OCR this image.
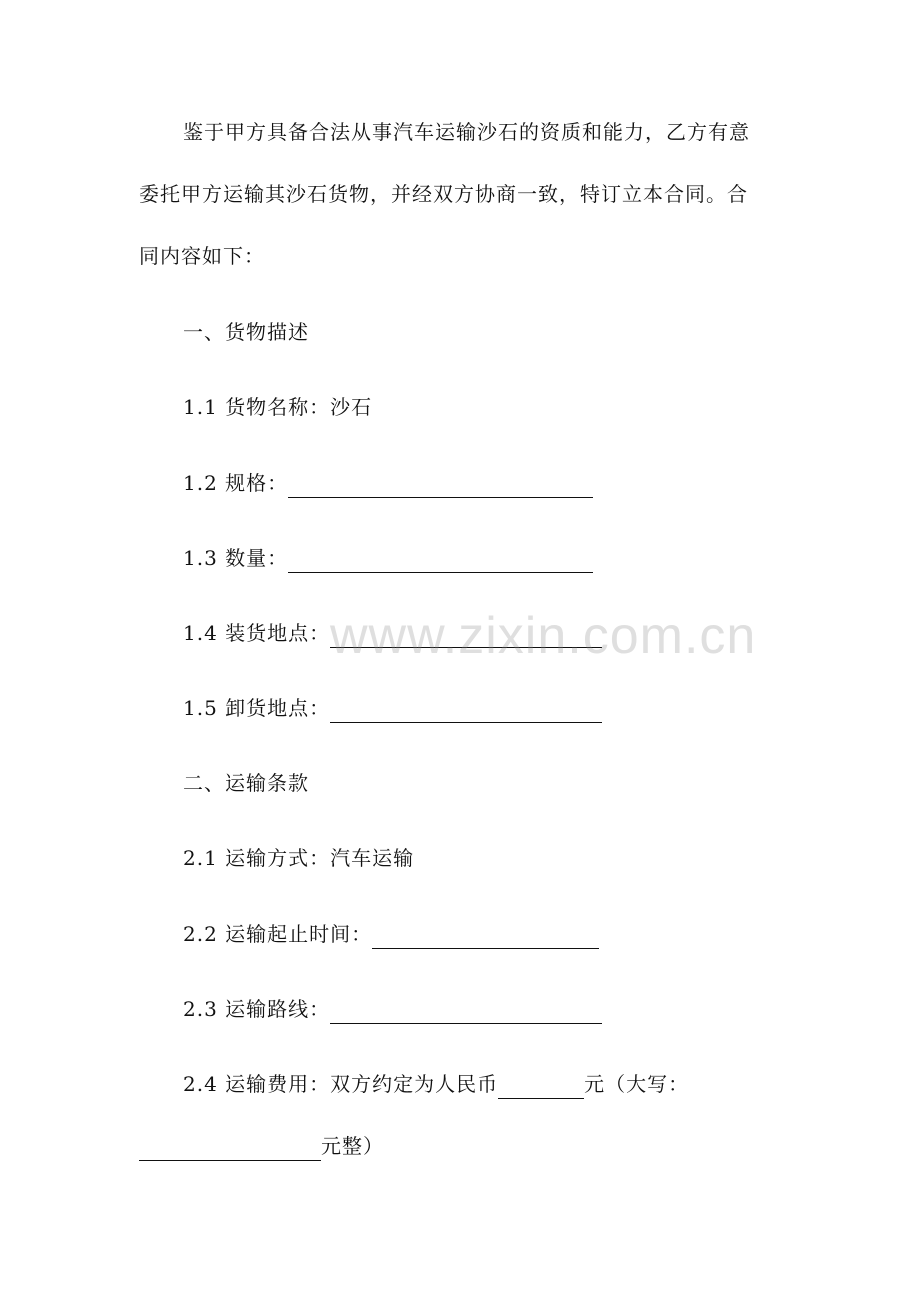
鉴于甲方具备合法从事汽车运输沙石的资质和能力，乙方有意
委托甲方运输其沙石货物，并经双方协商一致，特订立本合同。合
同内容如下：
一、货物描述
1.1 货物名称：沙石
1.2 规格：
1.3 数量：
1.4 装货地点：
1.5 卸货地点：
二、运输条款
2.1 运输方式：汽车运输
2.2 运输起止时间：
2.3 运输路线：
2.4 运输费用：双方约定为人民币	元（大写：
元整）
www.zixin.com.cn
